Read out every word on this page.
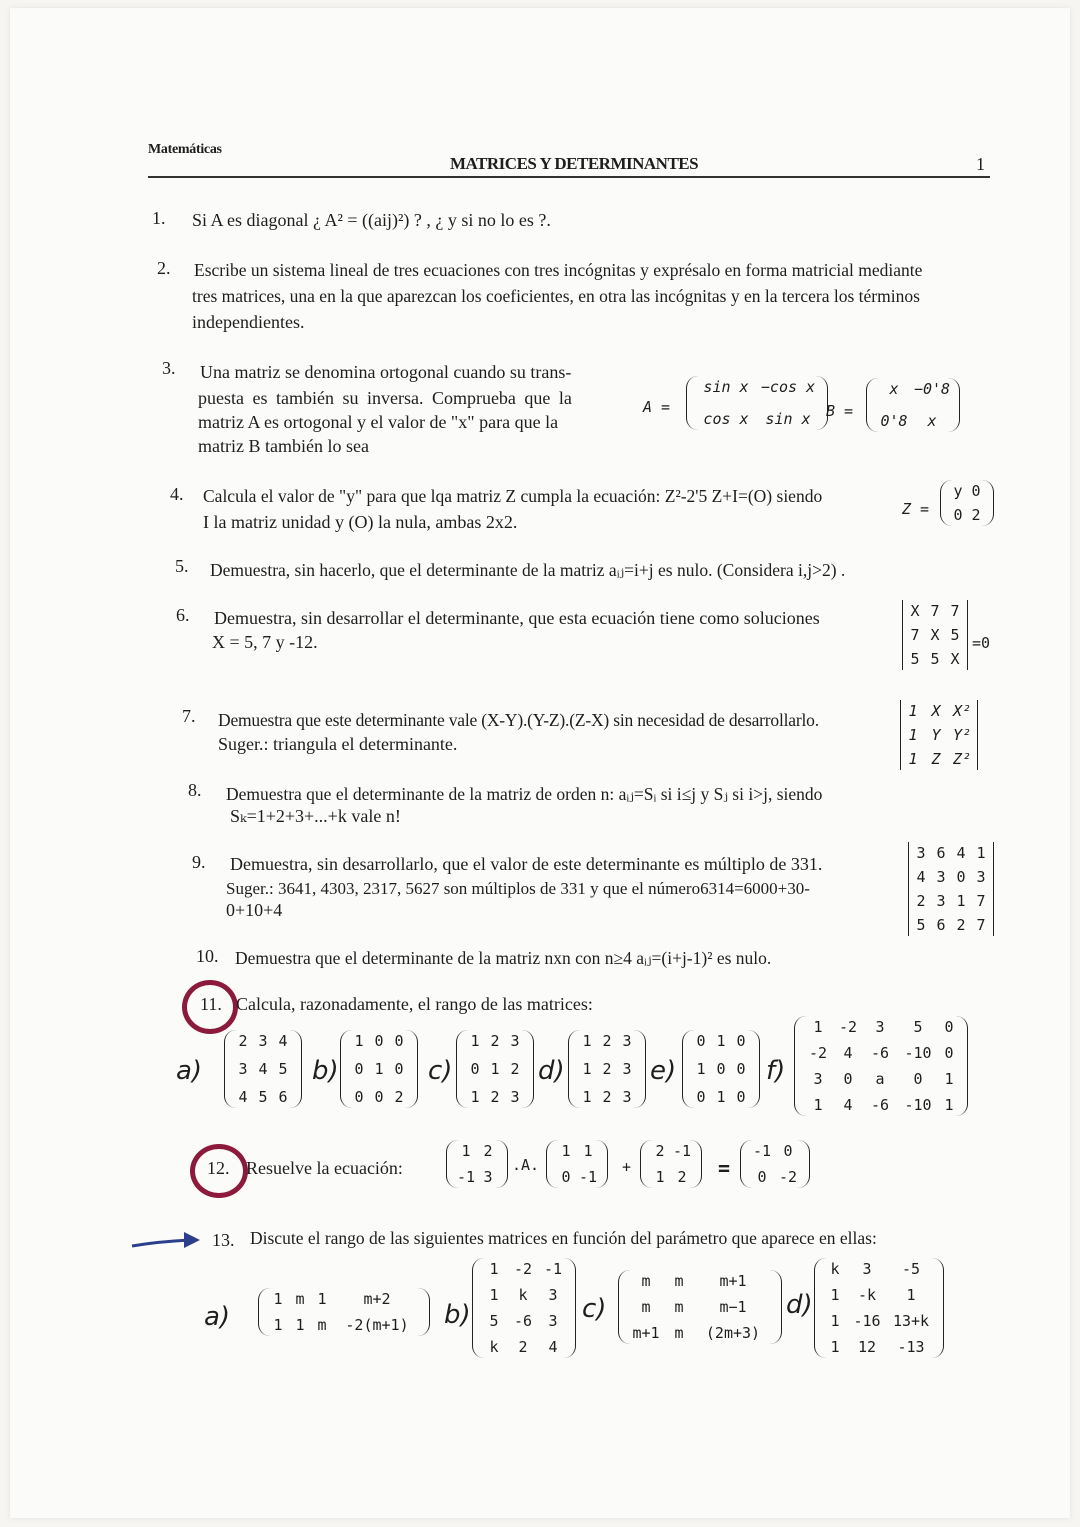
Matemáticas
MATRICES Y DETERMINANTES	1
1. Si A es diagonal ¿ A² = ((aij)²) ? , ¿ y si no lo es ?.
2. Escribe un sistema lineal de tres ecuaciones con tres incógnitas y exprésalo en forma matricial mediante
tres matrices, una en la que aparezcan los coeficientes, en otra las incógnitas y en la tercera los términos
independientes.
3. Una matriz se denomina ortogonal cuando su trans-
puesta es también su inversa. Comprueba que la
matriz A es ortogonal y el valor de "x" para que la
matriz B también lo sea
A =
sin x −cos x
cos x	sin x	B =
x	−0'8
0'8	x
4. Calcula el valor de "y" para que lqa matriz Z cumpla la ecuación: Z²-2'5 Z+I=(O) siendo
I la matriz unidad y (O) la nula, ambas 2x2.
Z =
y 0
0 2
5. Demuestra, sin hacerlo, que el determinante de la matriz aᵢⱼ=i+j es nulo. (Considera i,j>2) .
6. Demuestra, sin desarrollar el determinante, que esta ecuación tiene como soluciones
X = 5, 7 y -12.
X 7 7
7 X 5
5 5 X
=0
7. Demuestra que este determinante vale (X-Y).(Y-Z).(Z-X) sin necesidad de desarrollarlo.
Suger.: triangula el determinante.
1 X X²
1 Y Y²
1 Z Z²
8. Demuestra que el determinante de la matriz de orden n: aᵢⱼ=Sᵢ si i≤j y Sⱼ si i>j, siendo
Sₖ=1+2+3+...+k vale n!
9. Demuestra, sin desarrollarlo, que el valor de este determinante es múltiplo de 331.
Suger.: 3641, 4303, 2317, 5627 son múltiplos de 331 y que el número6314=6000+30-
0+10+4
3 6 4 1
4 3 0 3
2 3 1 7
5 6 2 7
10. Demuestra que el determinante de la matriz nxn con n≥4 aᵢⱼ=(i+j-1)² es nulo.
11. Calcula, razonadamente, el rango de las matrices:
a)
2 3 4
3 4 5
4 5 6
b)
1 0 0
0 1 0
0 0 2
c)
1 2 3
0 1 2
1 2 3
d)
1 2 3
1 2 3
1 2 3
e)
0 1 0
1 0 0
0 1 0
f)
1	-2	3	5	0
-2	4	-6	-10 0
3	0	a	0	1
1	4	-6	-10 1
12. Resuelve la ecuación:
1 2
-1 3
.A.
1 1
0 -1
+
2 -1
1 2	=
-1 0
0 -2
13. Discute el rango de las siguientes matrices en función del parámetro que aparece en ellas:
a)
1 m 1	m+2
1 1 m	-2(m+1)	b)
1	-2 -1
1	k	3
5	-6	3
k	2	4
c)
m	m	m+1
m	m	m−1
m+1 m	(2m+3)
d)
k	3	-5
1	-k	1
1 -16 13+k
1	12	-13
